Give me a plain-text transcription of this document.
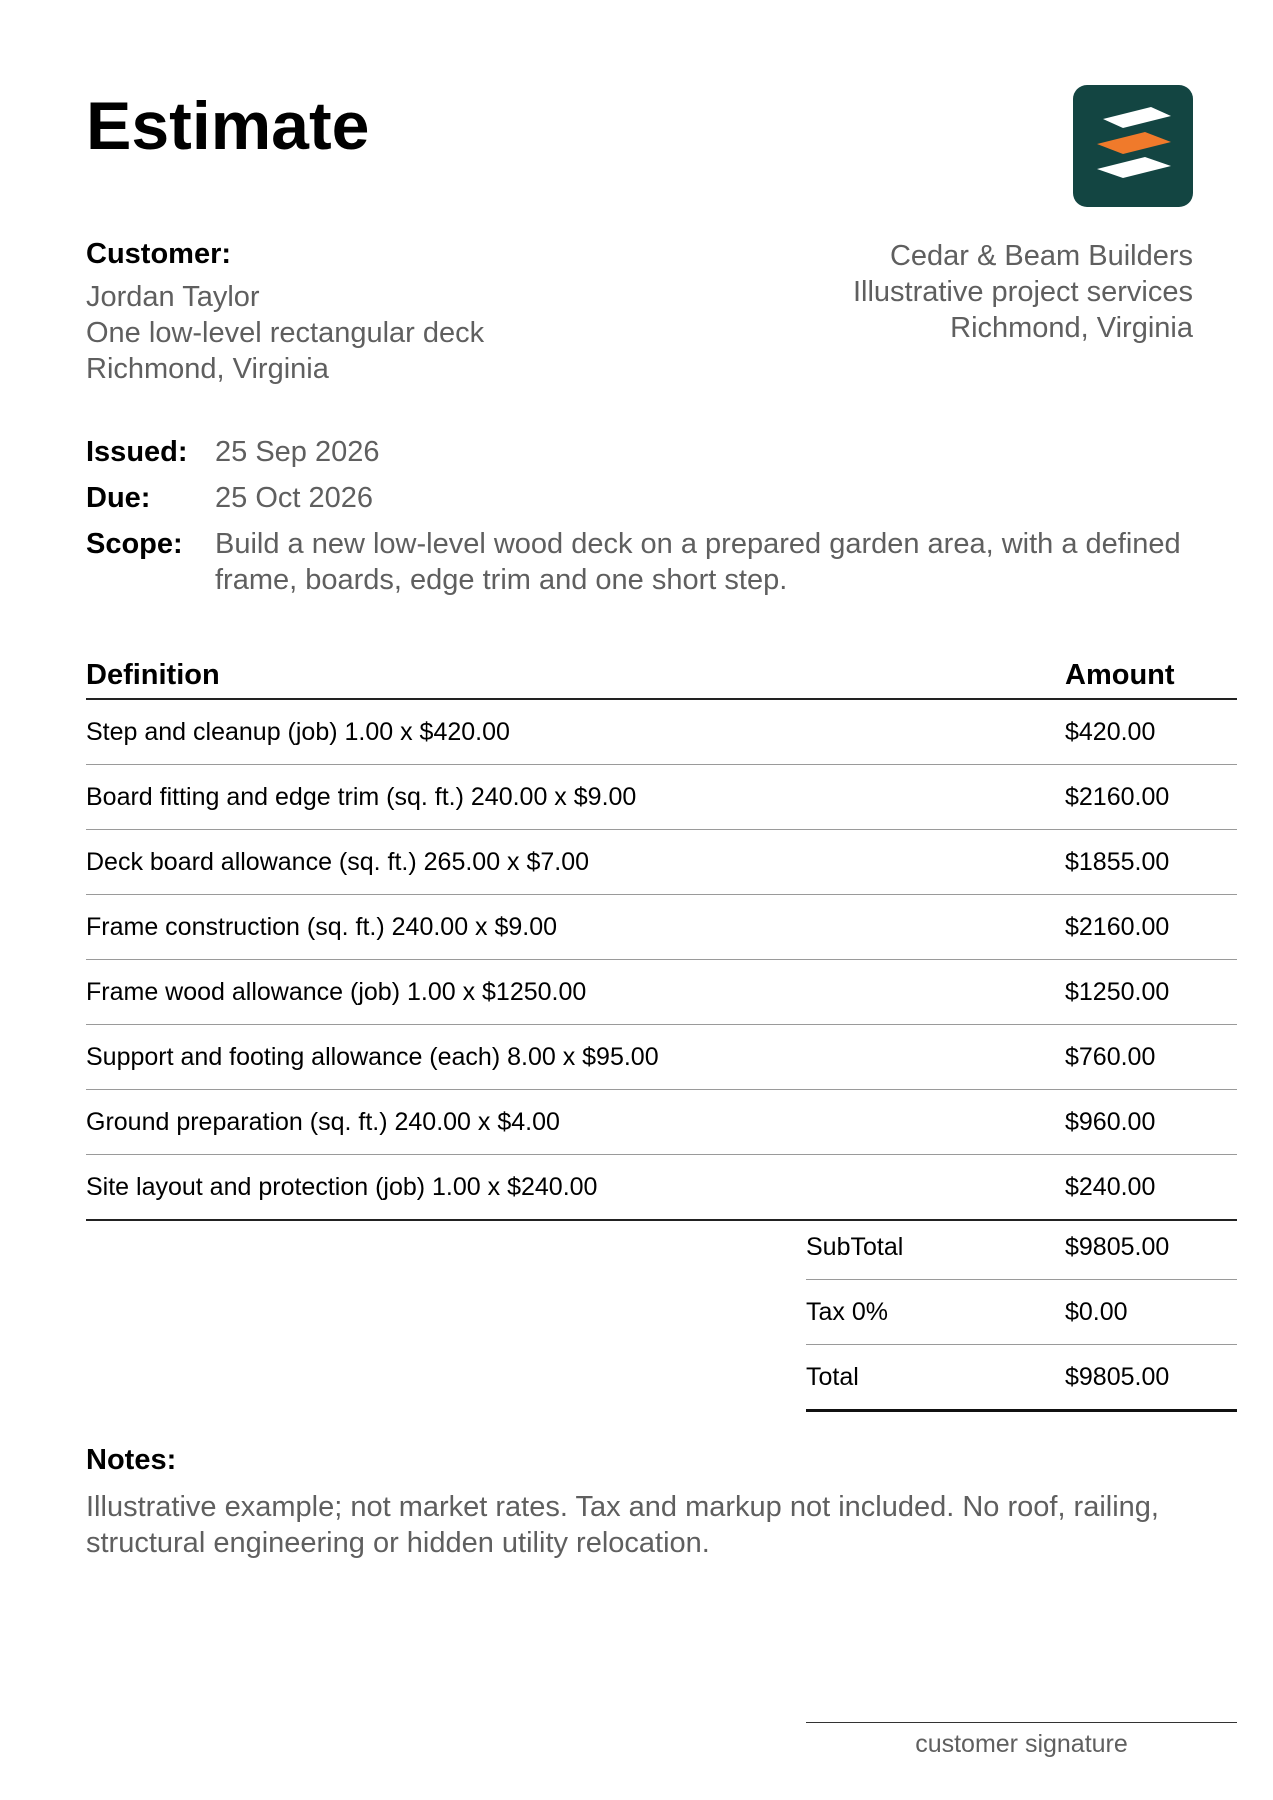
Estimate
Customer:
Jordan Taylor
One low-level rectangular deck
Richmond, Virginia
Cedar & Beam Builders
Illustrative project services
Richmond, Virginia
Issued: 25 Sep 2026
Due:	25 Oct 2026
Scope:	Build a new low-level wood deck on a prepared garden area, with a defined frame, boards, edge trim and one short step.
Definition	Amount
Step and cleanup (job) 1.00 x $420.00	$420.00
Board fitting and edge trim (sq. ft.) 240.00 x $9.00	$2160.00
Deck board allowance (sq. ft.) 265.00 x $7.00	$1855.00
Frame construction (sq. ft.) 240.00 x $9.00	$2160.00
Frame wood allowance (job) 1.00 x $1250.00	$1250.00
Support and footing allowance (each) 8.00 x $95.00	$760.00
Ground preparation (sq. ft.) 240.00 x $4.00	$960.00
Site layout and protection (job) 1.00 x $240.00	$240.00
SubTotal	$9805.00
Tax 0%	$0.00
Total	$9805.00
Notes:
Illustrative example; not market rates. Tax and markup not included. No roof, railing, structural engineering or hidden utility relocation.
customer signature
